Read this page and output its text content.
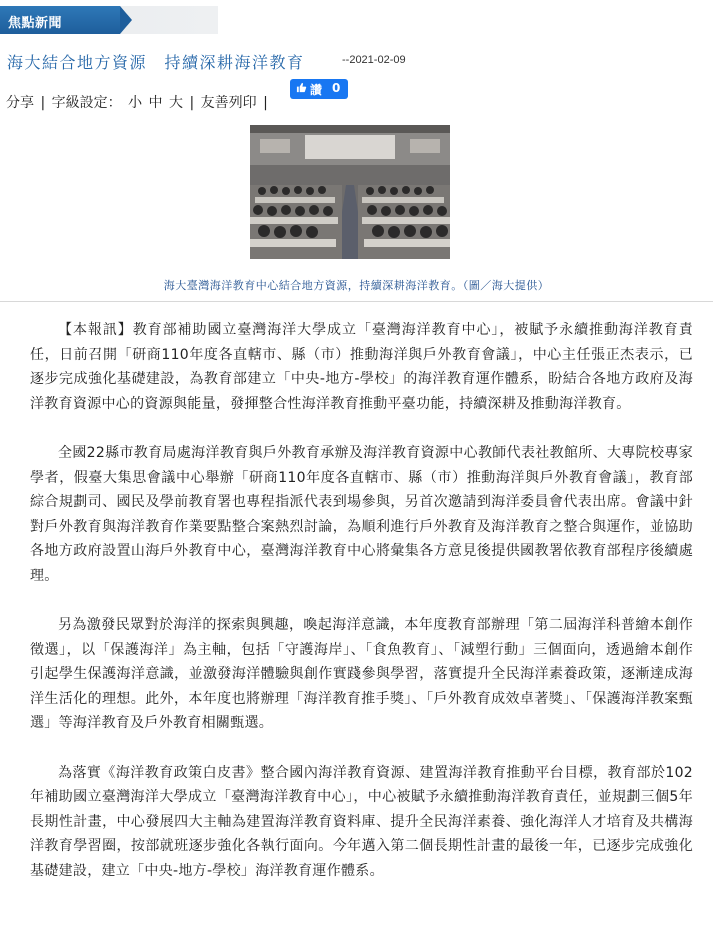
焦點新聞
海大結合地方資源　持續深耕海洋教育	--2021-02-09
讚 0
分享 | 字級設定： 小 中 大 | 友善列印 |
海大臺灣海洋教育中心結合地方資源，持續深耕海洋教育。（圖／海大提供）

【本報訊】教育部補助國立臺灣海洋大學成立「臺灣海洋教育中心」，被賦予永續推動海洋教育責任，日前召開「研商110年度各直轄市、縣（市）推動海洋與戶外教育會議」，中心主任張正杰表示，已逐步完成強化基礎建設，為教育部建立「中央-地方-學校」的海洋教育運作體系，盼結合各地方政府及海洋教育資源中心的資源與能量，發揮整合性海洋教育推動平臺功能，持續深耕及推動海洋教育。

全國22縣市教育局處海洋教育與戶外教育承辦及海洋教育資源中心教師代表社教館所、大專院校專家學者，假臺大集思會議中心舉辦「研商110年度各直轄市、縣（市）推動海洋與戶外教育會議」，教育部綜合規劃司、國民及學前教育署也專程指派代表到場參與，另首次邀請到海洋委員會代表出席。會議中針對戶外教育與海洋教育作業要點整合案熱烈討論，為順利進行戶外教育及海洋教育之整合與運作，並協助各地方政府設置山海戶外教育中心，臺灣海洋教育中心將彙集各方意見後提供國教署依教育部程序後續處理。

另為激發民眾對於海洋的探索與興趣，喚起海洋意識，本年度教育部辦理「第二屆海洋科普繪本創作徵選」，以「保護海洋」為主軸，包括「守護海岸」、「食魚教育」、「減塑行動」三個面向，透過繪本創作引起學生保護海洋意識，並激發海洋體驗與創作實踐參與學習，落實提升全民海洋素養政策，逐漸達成海洋生活化的理想。此外，本年度也將辦理「海洋教育推手獎」、「戶外教育成效卓著獎」、「保護海洋教案甄選」等海洋教育及戶外教育相關甄選。

為落實《海洋教育政策白皮書》整合國內海洋教育資源、建置海洋教育推動平台目標，教育部於102年補助國立臺灣海洋大學成立「臺灣海洋教育中心」，中心被賦予永續推動海洋教育責任，並規劃三個5年長期性計畫，中心發展四大主軸為建置海洋教育資料庫、提升全民海洋素養、強化海洋人才培育及共構海洋教育學習圈，按部就班逐步強化各執行面向。今年邁入第二個長期性計畫的最後一年，已逐步完成強化基礎建設，建立「中央-地方-學校」海洋教育運作體系。
